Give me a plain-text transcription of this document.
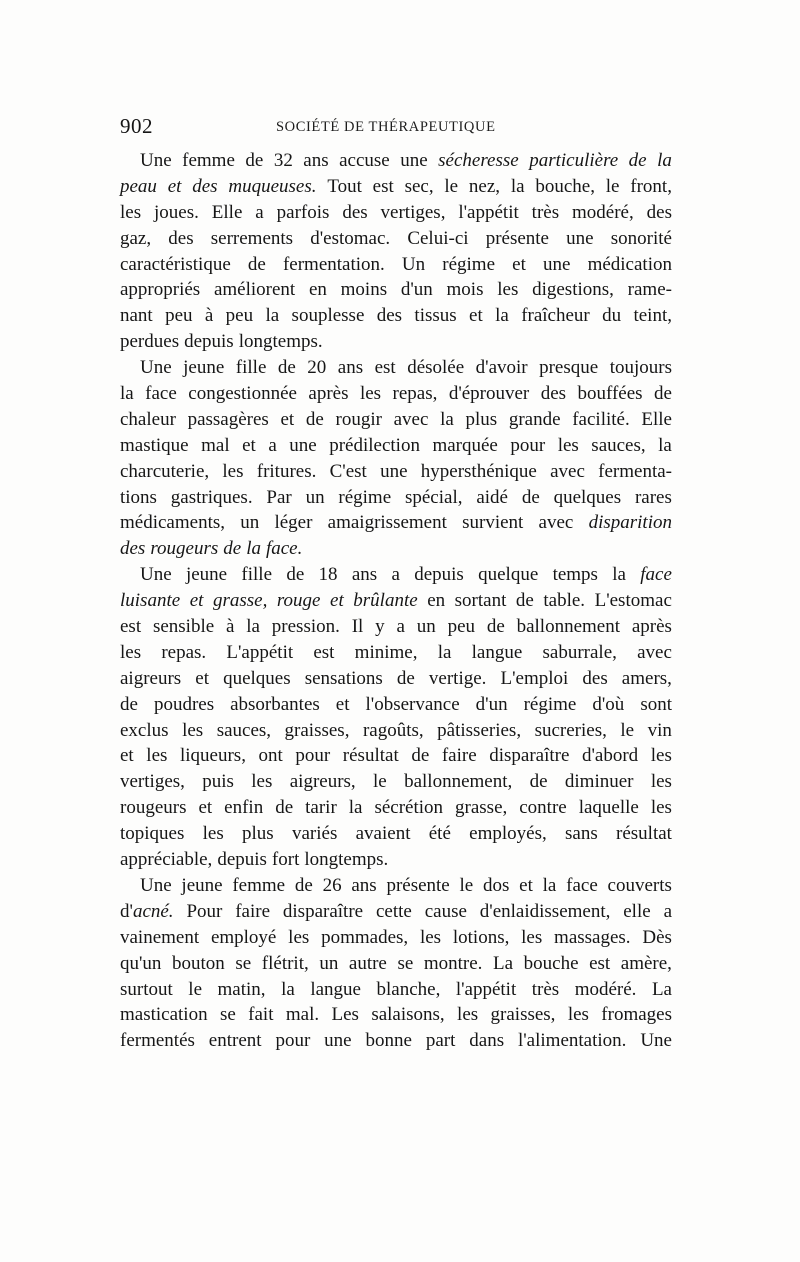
902	SOCIÉTÉ DE THÉRAPEUTIQUE
Une femme de 32 ans accuse une sécheresse particulière de la
peau et des muqueuses. Tout est sec, le nez, la bouche, le front,
les joues. Elle a parfois des vertiges, l'appétit très modéré, des
gaz, des serrements d'estomac. Celui-ci présente une sonorité
caractéristique de fermentation. Un régime et une médication
appropriés améliorent en moins d'un mois les digestions, rame-
nant peu à peu la souplesse des tissus et la fraîcheur du teint,
perdues depuis longtemps.
Une jeune fille de 20 ans est désolée d'avoir presque toujours
la face congestionnée après les repas, d'éprouver des bouffées de
chaleur passagères et de rougir avec la plus grande facilité. Elle
mastique mal et a une prédilection marquée pour les sauces, la
charcuterie, les fritures. C'est une hypersthénique avec fermenta-
tions gastriques. Par un régime spécial, aidé de quelques rares
médicaments, un léger amaigrissement survient avec disparition
des rougeurs de la face.
Une jeune fille de 18 ans a depuis quelque temps la face
luisante et grasse, rouge et brûlante en sortant de table. L'estomac
est sensible à la pression. Il y a un peu de ballonnement après
les repas. L'appétit est minime, la langue saburrale, avec
aigreurs et quelques sensations de vertige. L'emploi des amers,
de poudres absorbantes et l'observance d'un régime d'où sont
exclus les sauces, graisses, ragoûts, pâtisseries, sucreries, le vin
et les liqueurs, ont pour résultat de faire disparaître d'abord les
vertiges, puis les aigreurs, le ballonnement, de diminuer les
rougeurs et enfin de tarir la sécrétion grasse, contre laquelle les
topiques les plus variés avaient été employés, sans résultat
appréciable, depuis fort longtemps.
Une jeune femme de 26 ans présente le dos et la face couverts
d'acné. Pour faire disparaître cette cause d'enlaidissement, elle a
vainement employé les pommades, les lotions, les massages. Dès
qu'un bouton se flétrit, un autre se montre. La bouche est amère,
surtout le matin, la langue blanche, l'appétit très modéré. La
mastication se fait mal. Les salaisons, les graisses, les fromages
fermentés entrent pour une bonne part dans l'alimentation. Une
